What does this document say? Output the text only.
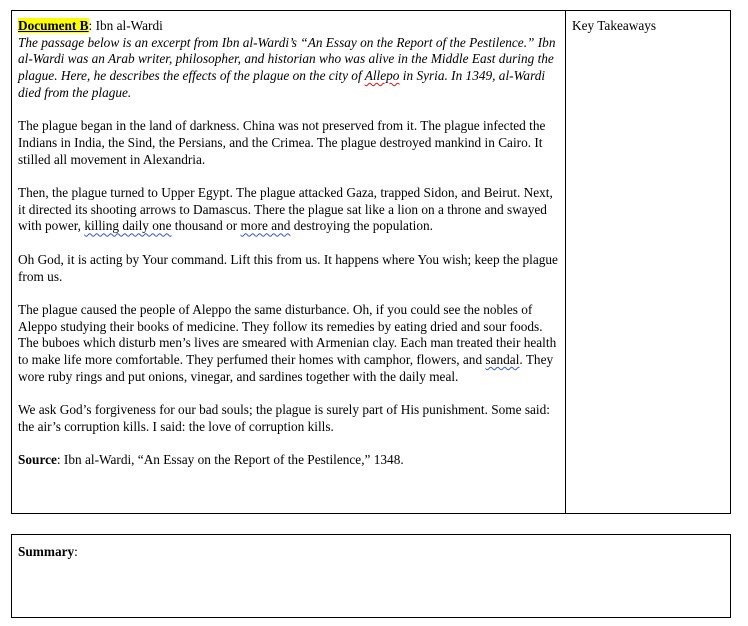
Document B: Ibn al-Wardi

The passage below is an excerpt from Ibn al-Wardi’s “An Essay on the Report of the Pestilence.” Ibn al-Wardi was an Arab writer, philosopher, and historian who was alive in the Middle East during the plague. Here, he describes the effects of the plague on the city of Allepo in Syria. In 1349, al-Wardi died from the plague.

The plague began in the land of darkness. China was not preserved from it. The plague infected the Indians in India, the Sind, the Persians, and the Crimea. The plague destroyed mankind in Cairo. It stilled all movement in Alexandria.

Then, the plague turned to Upper Egypt. The plague attacked Gaza, trapped Sidon, and Beirut. Next, it directed its shooting arrows to Damascus. There the plague sat like a lion on a throne and swayed with power, killing daily one thousand or more and destroying the population.

Oh God, it is acting by Your command. Lift this from us. It happens where You wish; keep the plague from us.

The plague caused the people of Aleppo the same disturbance. Oh, if you could see the nobles of Aleppo studying their books of medicine. They follow its remedies by eating dried and sour foods. The buboes which disturb men’s lives are smeared with Armenian clay. Each man treated their health to make life more comfortable. They perfumed their homes with camphor, flowers, and sandal. They wore ruby rings and put onions, vinegar, and sardines together with the daily meal.

We ask God’s forgiveness for our bad souls; the plague is surely part of His punishment. Some said: the air’s corruption kills. I said: the love of corruption kills.

Source: Ibn al-Wardi, “An Essay on the Report of the Pestilence,” 1348.

Key Takeaways
Summary:
